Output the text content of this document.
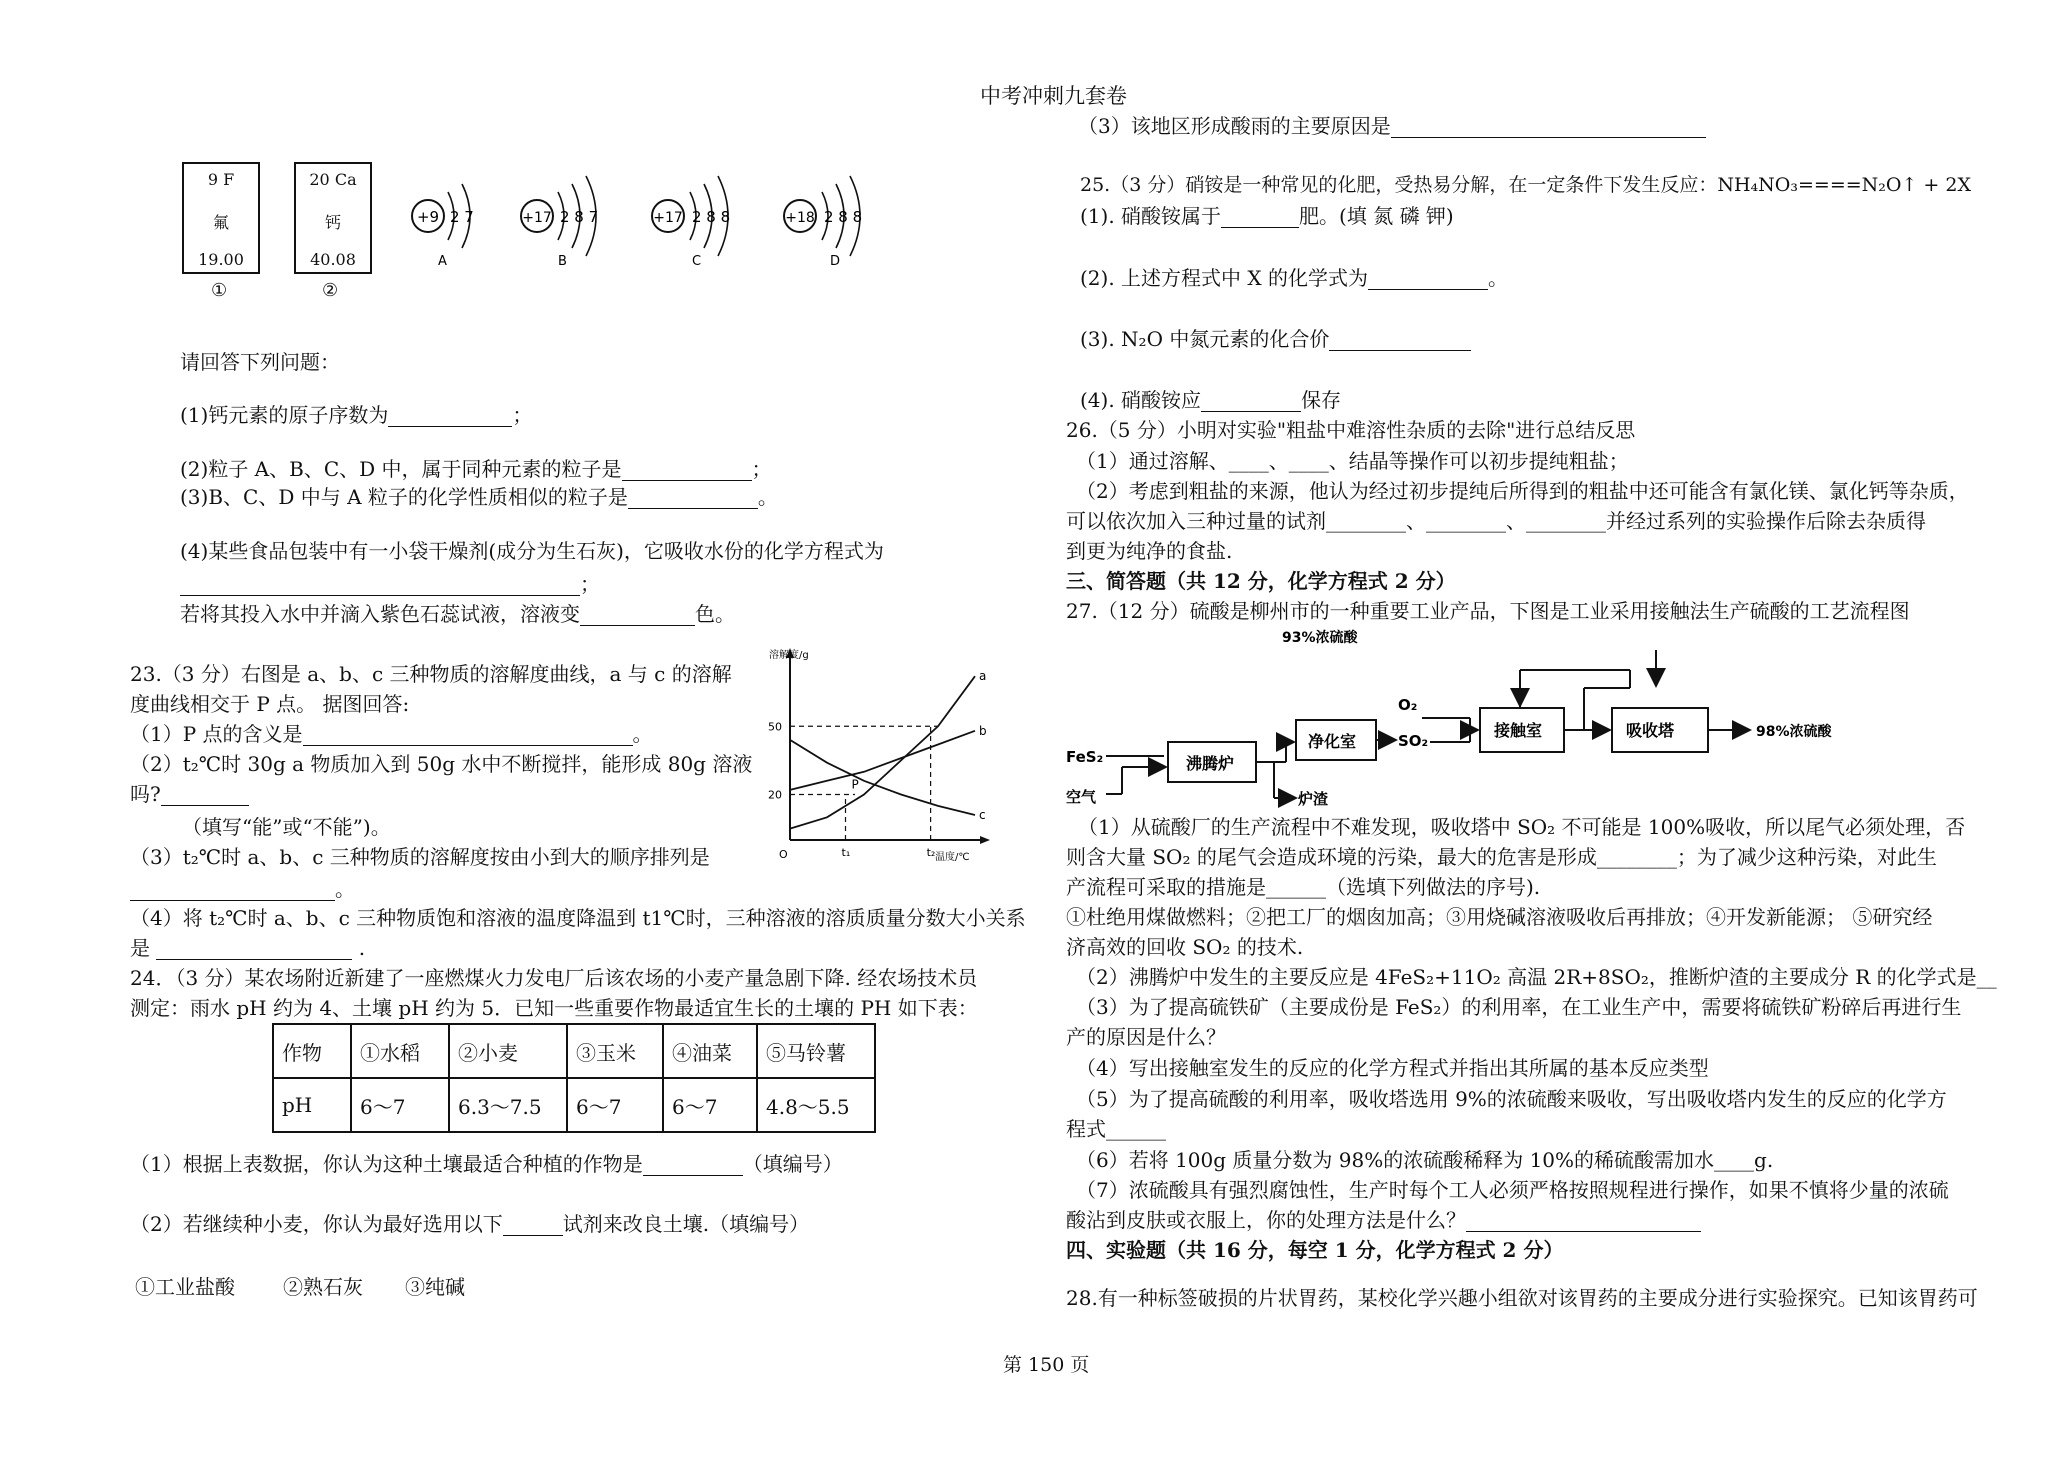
中考冲刺九套卷
第 150 页
9 F
氟
19.00
①
20 Ca
钙
40.08
②
+9 2 7
A
+17 2 8 7
B
+17 2 8 8
C
+18 2 8 8
D
请回答下列问题：
(1)钙元素的原子序数为	；
(2)粒子 A、B、C、D 中，属于同种元素的粒子是	；
(3)B、C、D 中与 A 粒子的化学性质相似的粒子是	。
(4)某些食品包装中有一小袋干燥剂(成分为生石灰)，它吸收水份的化学方程式为
；
若将其投入水中并滴入紫色石蕊试液，溶液变	色。
23.（3 分）右图是 a、b、c 三种物质的溶解度曲线，a 与 c 的溶解
度曲线相交于 P 点。 据图回答:
（1）P 点的含义是	。
（2）t₂℃时 30g a 物质加入到 50g 水中不断搅拌，能形成 80g 溶液
吗?
（填写“能”或“不能”)。
（3）t₂℃时 a、b、c 三种物质的溶解度按由小到大的顺序排列是
。
（4）将 t₂℃时 a、b、c 三种物质饱和溶液的温度降温到 t1℃时，三种溶液的溶质质量分数大小关系
是	.
溶解度/g
温度/℃
O
20
50
t₁	t₂
a
b
c
P
24．（3 分）某农场附近新建了一座燃煤火力发电厂后该农场的小麦产量急剧下降. 经农场技术员
测定：雨水 pH 约为 4、土壤 pH 约为 5．已知一些重要作物最适宜生长的土壤的 PH 如下表：
作物	①水稻	②小麦	③玉米	④油菜	⑤马铃薯
pH	6～7	6.3～7.5	6～7	6～7	4.8～5.5
（1）根据上表数据，你认为这种土壤最适合种植的作物是	（填编号）
（2）若继续种小麦，你认为最好选用以下	试剂来改良土壤.（填编号）
①工业盐酸 ②熟石灰 ③纯碱
（3）该地区形成酸雨的主要原因是
25.（3 分）硝铵是一种常见的化肥，受热易分解，在一定条件下发生反应：NH₄NO₃====N₂O↑ + 2X
(1). 硝酸铵属于	肥。(填 氮 磷 钾)
(2). 上述方程式中 X 的化学式为	。
(3). N₂O 中氮元素的化合价
(4). 硝酸铵应	保存
26.（5 分）小明对实验"粗盐中难溶性杂质的去除"进行总结反思
（1）通过溶解、____、____、结晶等操作可以初步提纯粗盐；
（2）考虑到粗盐的来源，他认为经过初步提纯后所得到的粗盐中还可能含有氯化镁、氯化钙等杂质，
可以依次加入三种过量的试剂________、________、________并经过系列的实验操作后除去杂质得
到更为纯净的食盐.
三、简答题（共 12 分，化学方程式 2 分）
27.（12 分）硫酸是柳州市的一种重要工业产品，下图是工业采用接触法生产硫酸的工艺流程图
93%浓硫酸
FeS₂
空气
沸腾炉
炉渣
净化室
O₂
SO₂
接触室	吸收塔	98%浓硫酸
（1）从硫酸厂的生产流程中不难发现，吸收塔中 SO₂ 不可能是 100%吸收，所以尾气必须处理，否
则含大量 SO₂ 的尾气会造成环境的污染，最大的危害是形成________；为了减少这种污染，对此生
产流程可采取的措施是______（选填下列做法的序号).
①杜绝用煤做燃料；②把工厂的烟囱加高；③用烧碱溶液吸收后再排放；④开发新能源； ⑤研究经
济高效的回收 SO₂ 的技术.
（2）沸腾炉中发生的主要反应是 4FeS₂+11O₂ 高温 2R+8SO₂，推断炉渣的主要成分 R 的化学式是__
（3）为了提高硫铁矿（主要成份是 FeS₂）的利用率，在工业生产中，需要将硫铁矿粉碎后再进行生
产的原因是什么？
（4）写出接触室发生的反应的化学方程式并指出其所属的基本反应类型
（5）为了提高硫酸的利用率，吸收塔选用 9%的浓硫酸来吸收，写出吸收塔内发生的反应的化学方
程式______
（6）若将 100g 质量分数为 98%的浓硫酸稀释为 10%的稀硫酸需加水____g.
（7）浓硫酸具有强烈腐蚀性，生产时每个工人必须严格按照规程进行操作，如果不慎将少量的浓硫
酸沾到皮肤或衣服上，你的处理方法是什么？
四、实验题（共 16 分，每空 1 分，化学方程式 2 分）
28.有一种标签破损的片状胃药，某校化学兴趣小组欲对该胃药的主要成分进行实验探究。已知该胃药可
